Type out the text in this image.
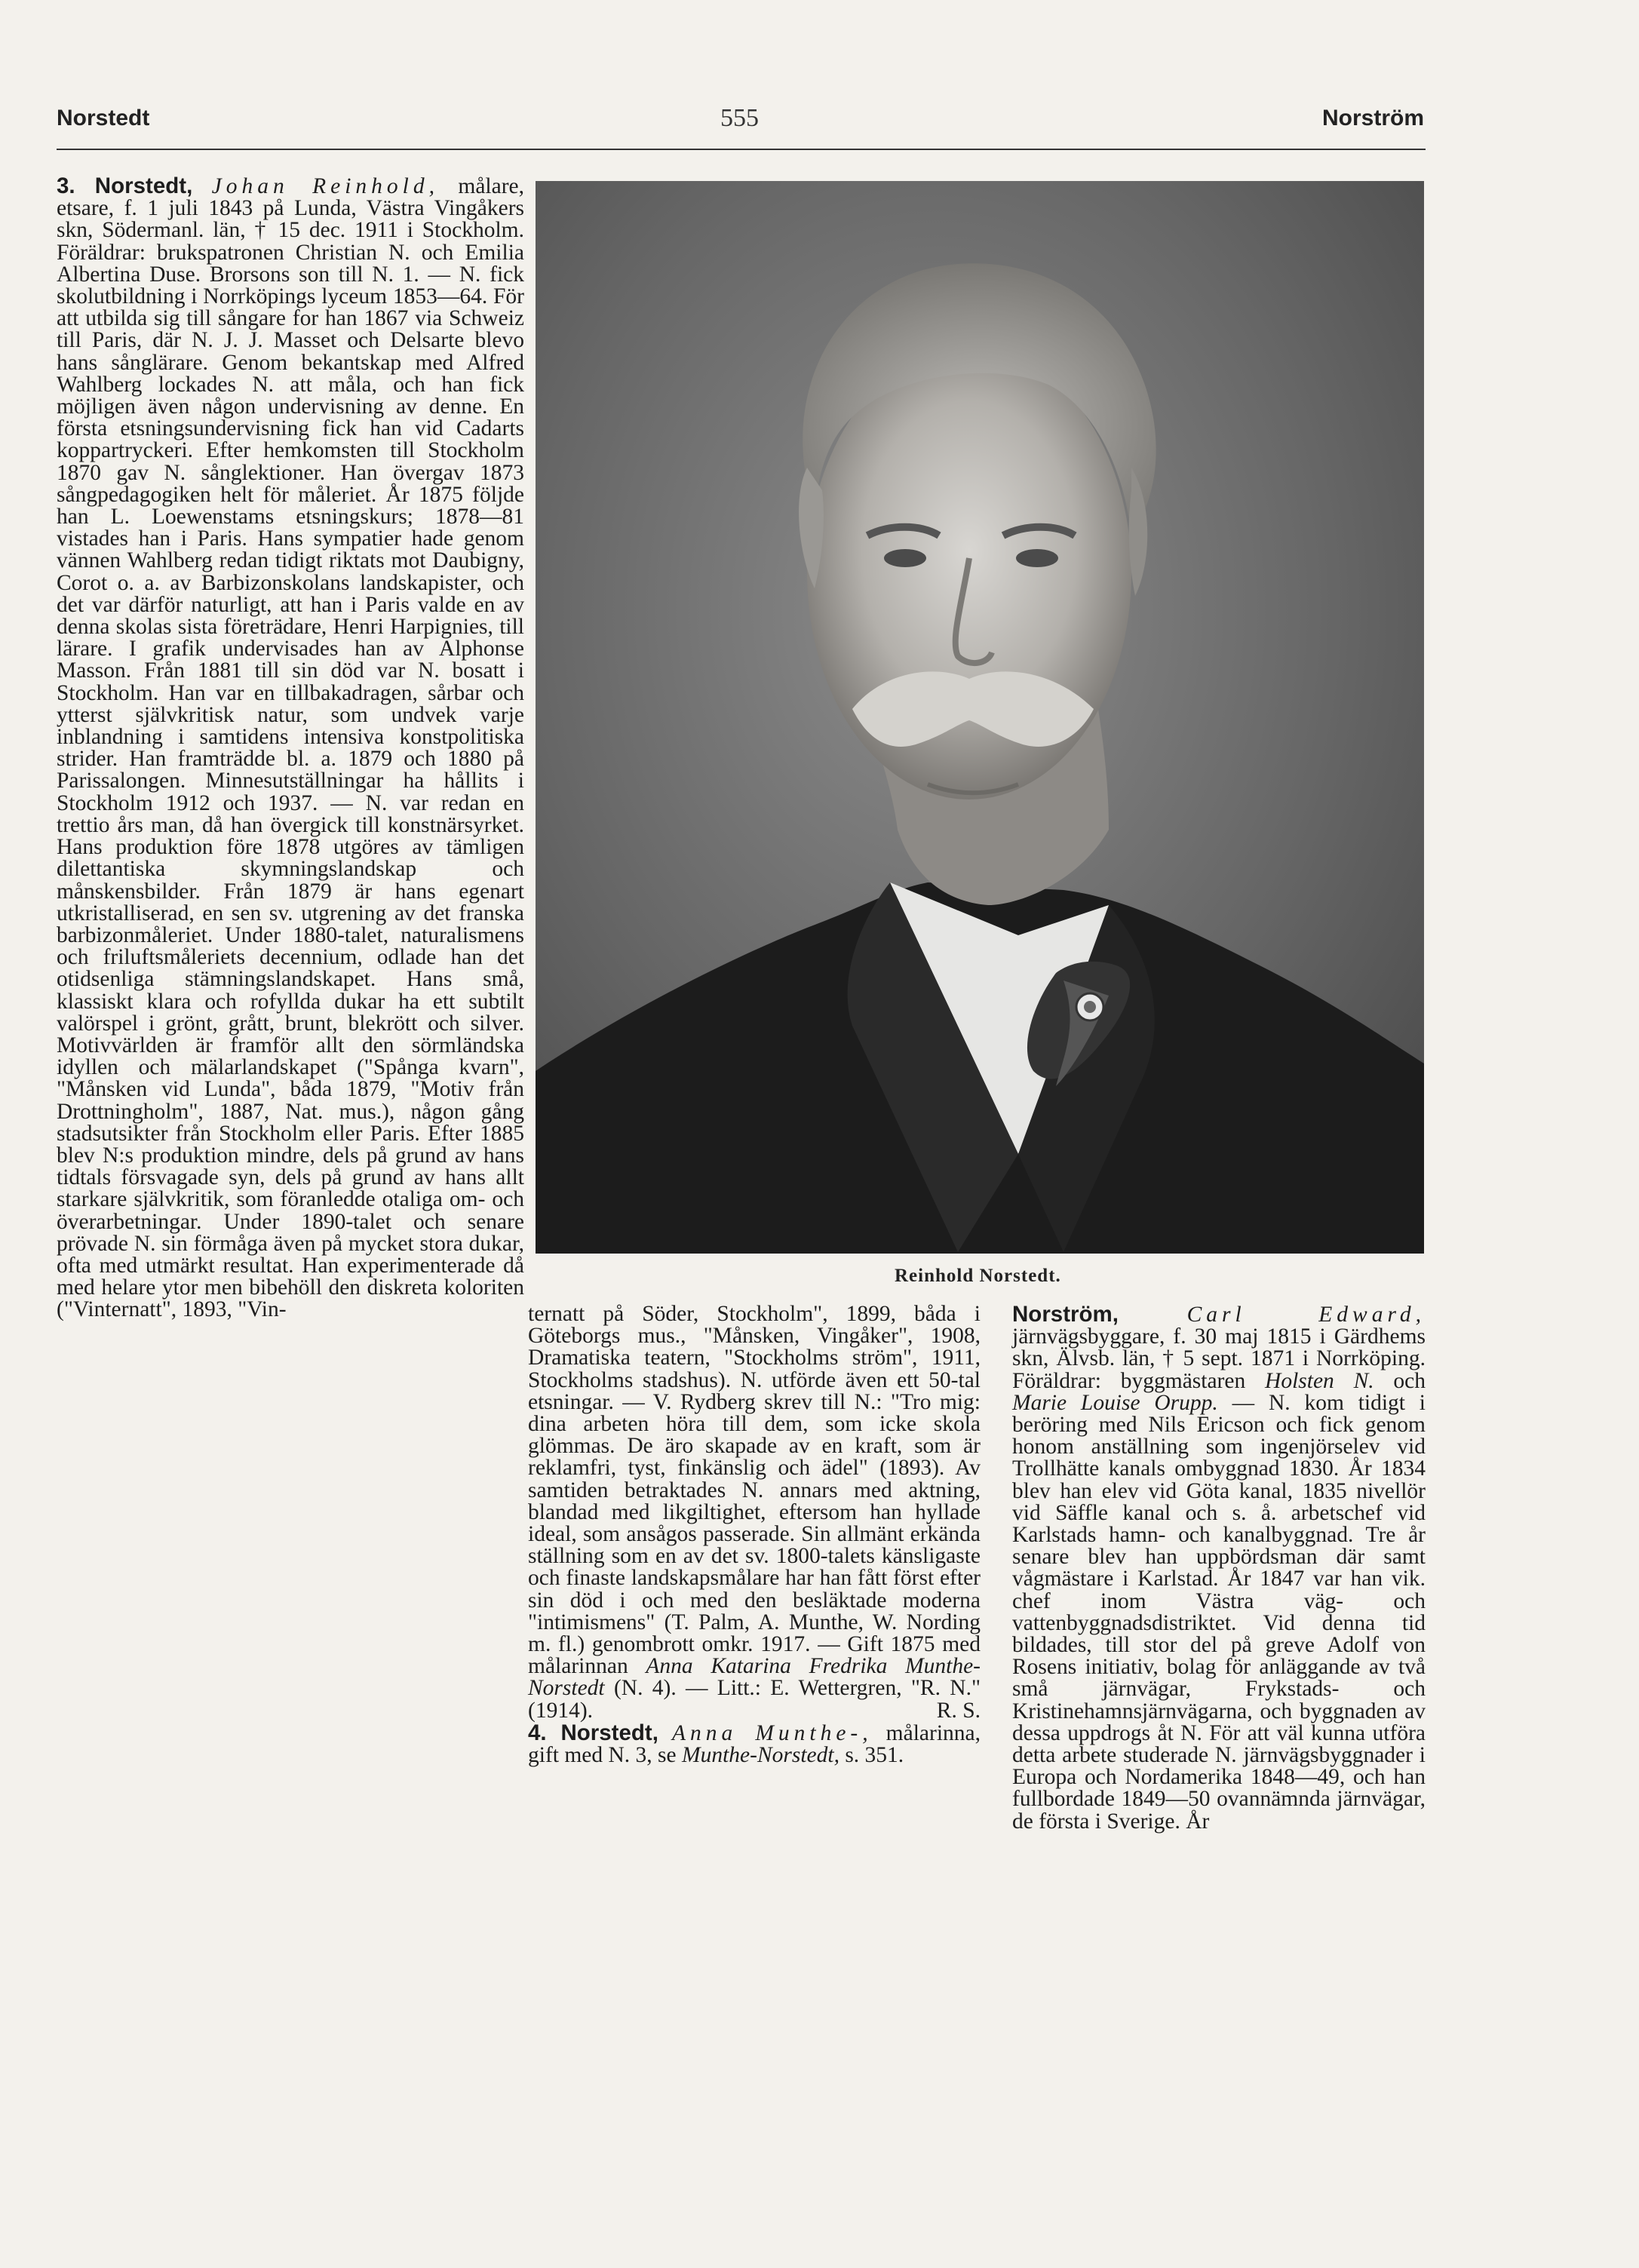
Norstedt	555	Norström

3. Norstedt, Johan Reinhold, målare, etsare, f. 1 juli 1843 på Lunda, Västra Vingåkers skn, Södermanl. län, † 15 dec. 1911 i Stockholm. Föräldrar: brukspatronen Christian N. och Emilia Albertina Duse. Brorsons son till N. 1. — N. fick skolutbildning i Norrköpings lyceum 1853—64. För att utbilda sig till sångare for han 1867 via Schweiz till Paris, där N. J. J. Masset och Delsarte blevo hans sånglärare. Genom bekantskap med Alfred Wahlberg lockades N. att måla, och han fick möjligen även någon undervisning av denne. En första etsningsundervisning fick han vid Cadarts koppartryckeri. Efter hemkomsten till Stockholm 1870 gav N. sånglektioner. Han övergav 1873 sångpedagogiken helt för måleriet. År 1875 följde han L. Loewenstams etsningskurs; 1878—81 vistades han i Paris. Hans sympatier hade genom vännen Wahlberg redan tidigt riktats mot Daubigny, Corot o. a. av Barbizonskolans landskapister, och det var därför naturligt, att han i Paris valde en av denna skolas sista företrädare, Henri Harpignies, till lärare. I grafik undervisades han av Alphonse Masson. Från 1881 till sin död var N. bosatt i Stockholm. Han var en tillbakadragen, sårbar och ytterst självkritisk natur, som undvek varje inblandning i samtidens intensiva konstpolitiska strider. Han framträdde bl. a. 1879 och 1880 på Parissalongen. Minnesutställningar ha hållits i Stockholm 1912 och 1937. — N. var redan en trettio års man, då han övergick till konstnärsyrket. Hans produktion före 1878 utgöres av tämligen dilettantiska skymningslandskap och månskensbilder. Från 1879 är hans egenart utkristalliserad, en sen sv. utgrening av det franska barbizonmåleriet. Under 1880-talet, naturalismens och friluftsmåleriets decennium, odlade han det otidsenliga stämningslandskapet. Hans små, klassiskt klara och rofyllda dukar ha ett subtilt valörspel i grönt, grått, brunt, blekrött och silver. Motivvärlden är framför allt den sörmländska idyllen och mälarlandskapet ("Spånga kvarn", "Månsken vid Lunda", båda 1879, "Motiv från Drottningholm", 1887, Nat. mus.), någon gång stadsutsikter från Stockholm eller Paris. Efter 1885 blev N:s produktion mindre, dels på grund av hans tidtals försvagade syn, dels på grund av hans allt starkare självkritik, som föranledde otaliga om- och överarbetningar. Under 1890-talet och senare prövade N. sin förmåga även på mycket stora dukar, ofta med utmärkt resultat. Han experimenterade då med helare ytor men bibehöll den diskreta koloriten ("Vinternatt", 1893, "Vin-

Reinhold Norstedt.

ternatt på Söder, Stockholm", 1899, båda i Göteborgs mus., "Månsken, Vingåker", 1908, Dramatiska teatern, "Stockholms ström", 1911, Stockholms stadshus). N. utförde även ett 50-tal etsningar. — V. Rydberg skrev till N.: "Tro mig: dina arbeten höra till dem, som icke skola glömmas. De äro skapade av en kraft, som är reklamfri, tyst, finkänslig och ädel" (1893). Av samtiden betraktades N. annars med aktning, blandad med likgiltighet, eftersom han hyllade ideal, som ansågos passerade. Sin allmänt erkända ställning som en av det sv. 1800-talets känsligaste och finaste landskapsmålare har han fått först efter sin död i och med den besläktade moderna "intimismens" (T. Palm, A. Munthe, W. Nording m. fl.) genombrott omkr. 1917. — Gift 1875 med målarinnan Anna Katarina Fredrika Munthe-Norstedt (N. 4). — Litt.: E. Wettergren, "R. N." (1914).	R. S.

4. Norstedt, Anna Munthe-, målarinna, gift med N. 3, se Munthe-Norstedt, s. 351.

Norström,	Carl Edward, järnvägsbyggare, f. 30 maj 1815 i Gärdhems skn, Älvsb. län, † 5 sept. 1871 i Norrköping. Föräldrar: byggmästaren Holsten N. och Marie Louise Orupp. — N. kom tidigt i beröring med Nils Ericson och fick genom honom anställning som ingenjörselev vid Trollhätte kanals ombyggnad 1830. År 1834 blev han elev vid Göta kanal, 1835 nivellör vid Säffle kanal och s. å. arbetschef vid Karlstads hamn- och kanalbyggnad. Tre år senare blev han uppbördsman där samt vågmästare i Karlstad. År 1847 var han vik. chef inom Västra väg- och vattenbyggnadsdistriktet. Vid denna tid bildades, till stor del på greve Adolf von Rosens initiativ, bolag för anläggande av två små järnvägar, Frykstads- och Kristinehamnsjärnvägarna, och byggnaden av dessa uppdrogs åt N. För att väl kunna utföra detta arbete studerade N. järnvägsbyggnader i Europa och Nordamerika 1848—49, och han fullbordade 1849—50 ovannämnda järnvägar, de första i Sverige. År
